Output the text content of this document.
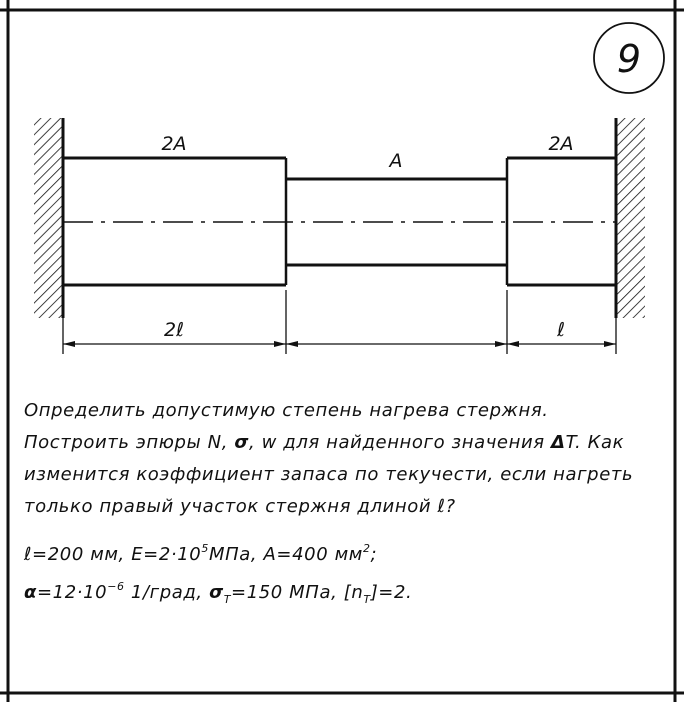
9
2A
A
2A
2ℓ	ℓ
Определить допустимую степень нагрева стержня.
Построить эпюры N, σ, w для найденного значения ΔT. Как
изменится коэффициент запаса по текучести, если нагреть
только правый участок стержня длиной ℓ?
ℓ=200 мм, $E=2\cdot 10^5МПа$, A=400 $мм^2$;
$\alpha=12\cdot 10^{-6}$ 1/град, $\sigma_T=150$ МПа, $[n_T]=2$.
